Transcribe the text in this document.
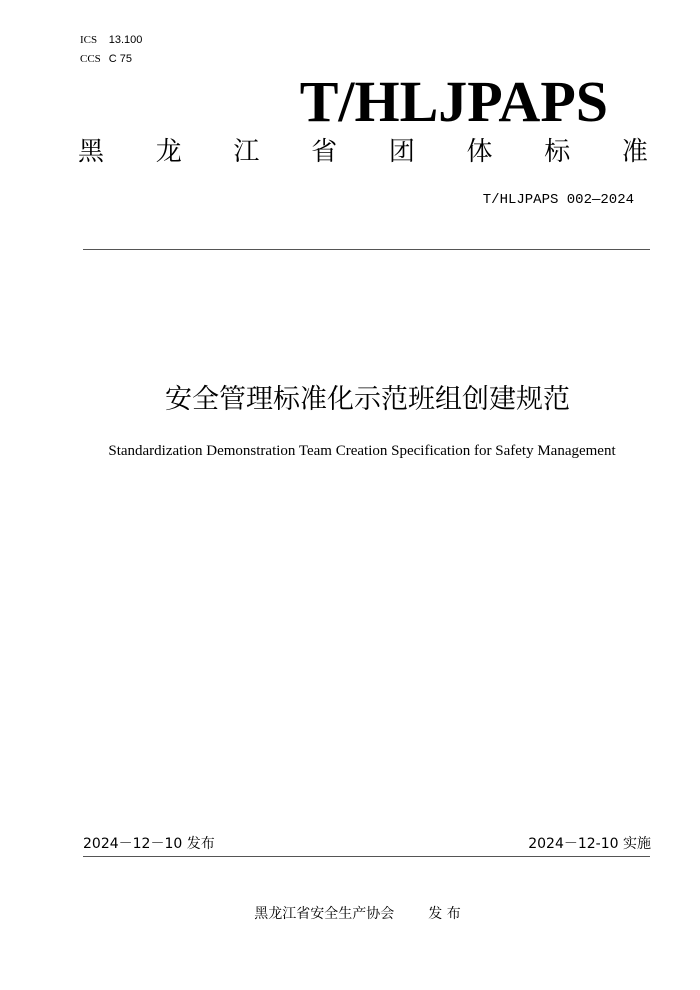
ICS 13.100
CCS C 75
T/HLJPAPS
黑 龙 江 省 团 体 标 准
T/HLJPAPS 002—2024
安全管理标准化示范班组创建规范
Standardization Demonstration Team Creation Specification for Safety Management
2024－12－10 发布	2024－12-10 实施
黑龙江省安全生产协会 发 布
